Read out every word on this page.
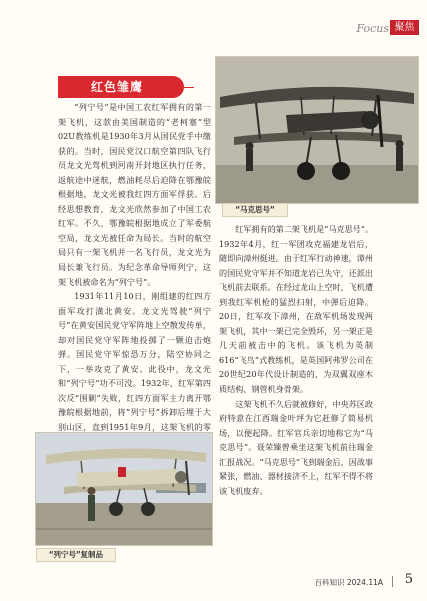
Focus 聚焦
红色雏鹰
“马克思号”

“列宁号”是中国工农红军拥有的第一架飞机，这款由美国制造的“老柯塞”型02U教练机是1930年3月从国民党手中缴获的。当时，国民党汉口航空第四队飞行员龙文光驾机到河南开封地区执行任务，返航途中迷航，燃油耗尽后迫降在鄂豫皖根据地，龙文光被我红四方面军俘获。后经思想教育，龙文光欣然参加了中国工农红军。不久，鄂豫皖根据地成立了军委航空局，龙文光被任命为局长。当时的航空局只有一架飞机并一名飞行员，龙文光为局长兼飞行员。为纪念革命导师列宁，这架飞机被命名为“列宁号”。

1931年11月10日，刚组建的红四方面军攻打潢北黄安。龙文光驾驶“列宁号”在黄安国民党守军阵地上空散发传单，却对国民党守军阵地投掷了一颗迫击炮弹。国民党守军惊恐万分，陆空协同之下，一举攻克了黄安。此役中，龙文光和“列宁号”功不可没。1932年，红军第四次反“围剿”失败，红四方面军主力离开鄂豫皖根据地前，将“列宁号”拆卸后埋于大别山区，直到1951年9月，这架飞机的零

红军拥有的第二架飞机是“马克思号”。1932年4月，红一军团攻克福建龙岩后，随即向漳州挺进。由于红军行动神速，漳州的国民党守军并不知道龙岩已失守，还派出飞机前去联系。在经过龙山上空时，飞机遭到我红军机枪的猛烈扫射，中弹后迫降。20日，红军攻下漳州，在敌军机场发现两架飞机，其中一架已完全毁坏，另一架正是几天前被击中的飞机。该飞机为英制616“飞鸟”式教练机，是英国阿弗罗公司在20世纪20年代设计制造的，为双翼双座木质结构、钢管机身骨架。

这架飞机不久后就被修好，中央苏区政府特意在江西瑞金叶坪为它赶修了简易机场，以便起降。红军官兵亲切地称它为“马克思号”。聂荣臻曾乘坐这架飞机前往瑞金汇报战况。“马克思号”飞到瑞金后，因战事紧张，燃油、器材接济不上，红军不得不将该飞机废弃。

“列宁号”复制品
百科知识 2024.11A 5
